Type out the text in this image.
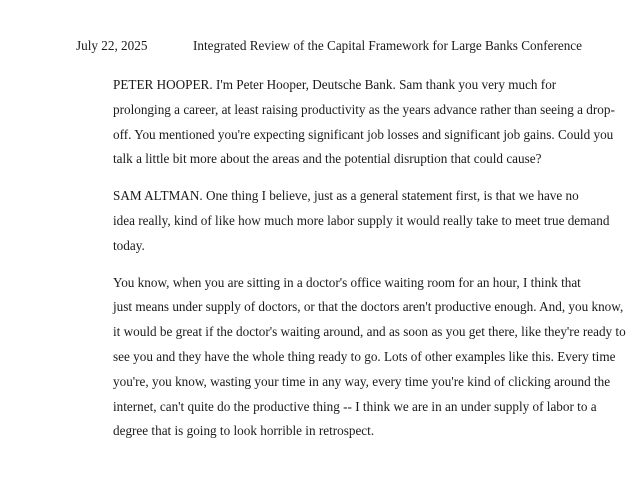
July 22, 2025	Integrated Review of the Capital Framework for Large Banks Conference
PETER HOOPER. I'm Peter Hooper, Deutsche Bank. Sam thank you very much for
prolonging a career, at least raising productivity as the years advance rather than seeing a drop-
off. You mentioned you're expecting significant job losses and significant job gains. Could you
talk a little bit more about the areas and the potential disruption that could cause?
SAM ALTMAN. One thing I believe, just as a general statement first, is that we have no
idea really, kind of like how much more labor supply it would really take to meet true demand
today.
You know, when you are sitting in a doctor's office waiting room for an hour, I think that
just means under supply of doctors, or that the doctors aren't productive enough. And, you know,
it would be great if the doctor's waiting around, and as soon as you get there, like they're ready to
see you and they have the whole thing ready to go. Lots of other examples like this. Every time
you're, you know, wasting your time in any way, every time you're kind of clicking around the
internet, can't quite do the productive thing -- I think we are in an under supply of labor to a
degree that is going to look horrible in retrospect.
